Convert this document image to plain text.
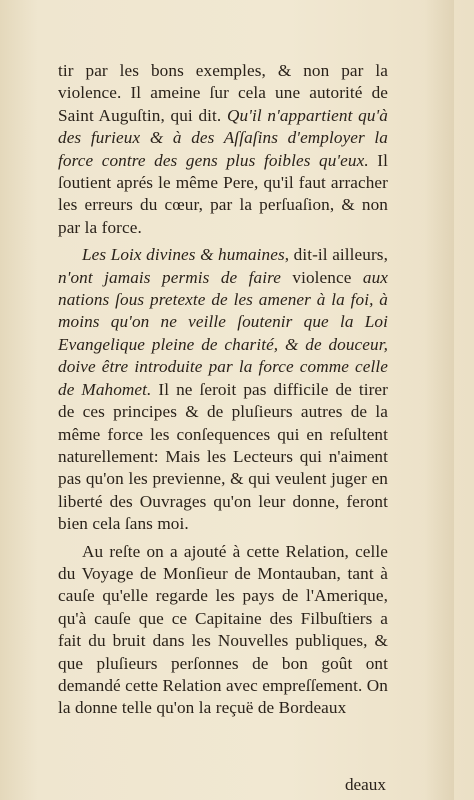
tir par les bons exemples, & non par la violence. Il ameine ſur cela une autorité de Saint Auguſtin, qui dit. Qu'il n'appartient qu'à des furieux & à des Aſſaſins d'employer la force contre des gens plus foibles qu'eux. Il ſoutient aprés le même Pere, qu'il faut arracher les erreurs du cœur, par la perſuaſion, & non par la force.

Les Loix divines & humaines, dit-il ailleurs, n'ont jamais permis de faire violence aux nations ſous pretexte de les amener à la foi, à moins qu'on ne veille ſoutenir que la Loi Evangelique pleine de charité, & de douceur, doive être introduite par la force comme celle de Mahomet. Il ne ſeroit pas difficile de tirer de ces principes & de pluſieurs autres de la même force les conſequences qui en reſultent naturellement: Mais les Lecteurs qui n'aiment pas qu'on les previenne, & qui veulent juger en liberté des Ouvrages qu'on leur donne, feront bien cela ſans moi.

Au reſte on a ajouté à cette Relation, celle du Voyage de Monſieur de Montauban, tant à cauſe qu'elle regarde les pays de l'Amerique, qu'à cauſe que ce Capitaine des Filbuſtiers a fait du bruit dans les Nouvelles publiques, & que pluſieurs perſonnes de bon goût ont demandé cette Relation avec empreſſement. On la donne telle qu'on la reçuë de Bordeaux

deaux
